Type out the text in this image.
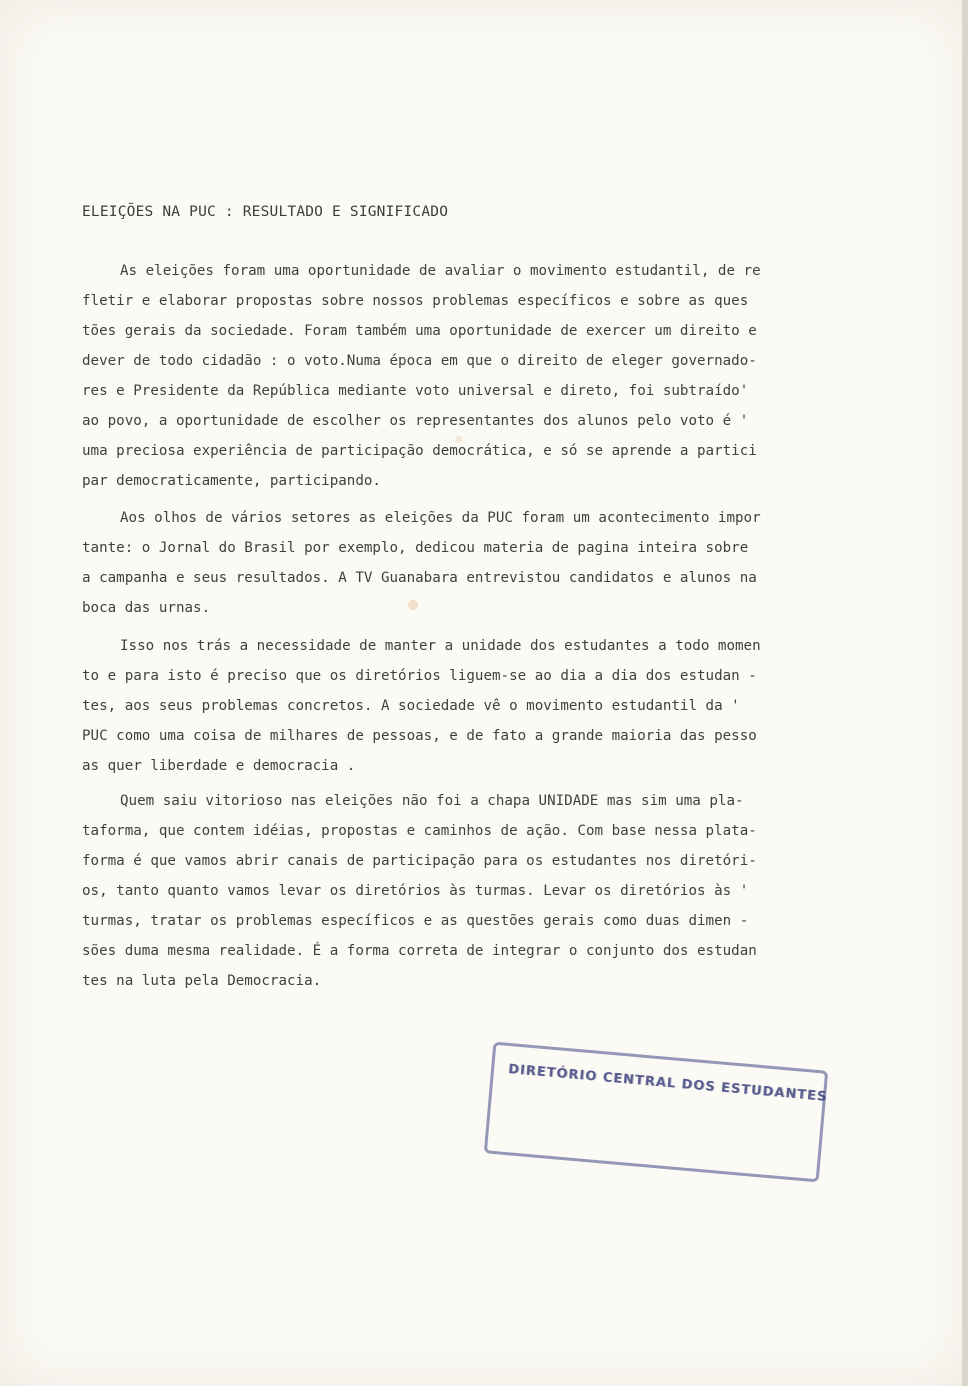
ELEIÇÕES NA PUC : RESULTADO E SIGNIFICADO
As eleições foram uma oportunidade de avaliar o movimento estudantil, de re
fletir e elaborar propostas sobre nossos problemas específicos e sobre as ques
tões gerais da sociedade. Foram também uma oportunidade de exercer um direito e
dever de todo cidadão : o voto.Numa época em que o direito de eleger governado-
res e Presidente da República mediante voto universal e direto, foi subtraído'
ao povo, a oportunidade de escolher os representantes dos alunos pelo voto é '
uma preciosa experiência de participação democrática, e só se aprende a partici
par democraticamente, participando.
Aos olhos de vários setores as eleições da PUC foram um acontecimento impor
tante: o Jornal do Brasil por exemplo, dedicou materia de pagina inteira sobre
a campanha e seus resultados. A TV Guanabara entrevistou candidatos e alunos na
boca das urnas.
Isso nos trás a necessidade de manter a unidade dos estudantes a todo momen
to e para isto é preciso que os diretórios liguem-se ao dia a dia dos estudan -
tes, aos seus problemas concretos. A sociedade vê o movimento estudantil da '
PUC como uma coisa de milhares de pessoas, e de fato a grande maioria das pesso
as quer liberdade e democracia .
Quem saiu vitorioso nas eleições não foi a chapa UNIDADE mas sim uma pla-
taforma, que contem idéias, propostas e caminhos de ação. Com base nessa plata-
forma é que vamos abrir canais de participação para os estudantes nos diretóri-
os, tanto quanto vamos levar os diretórios às turmas. Levar os diretórios às '
turmas, tratar os problemas específicos e as questões gerais como duas dimen -
sões duma mesma realidade. É a forma correta de integrar o conjunto dos estudan
tes na luta pela Democracia.
DIRETÓRIO CENTRAL DOS ESTUDANTES
